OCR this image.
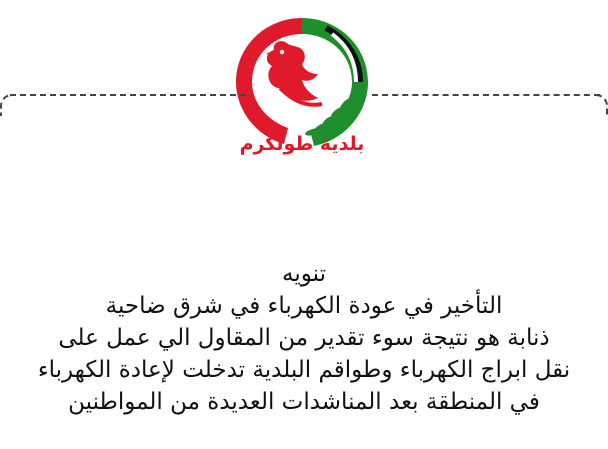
بلدية طولكرم
تنويه
التأخير في عودة الكهرباء في شرق ضاحية
ذنابة هو نتيجة سوء تقدير من المقاول الي عمل على
نقل ابراج الكهرباء وطواقم البلدية تدخلت لإعادة الكهرباء
في المنطقة بعد المناشدات العديدة من المواطنين
